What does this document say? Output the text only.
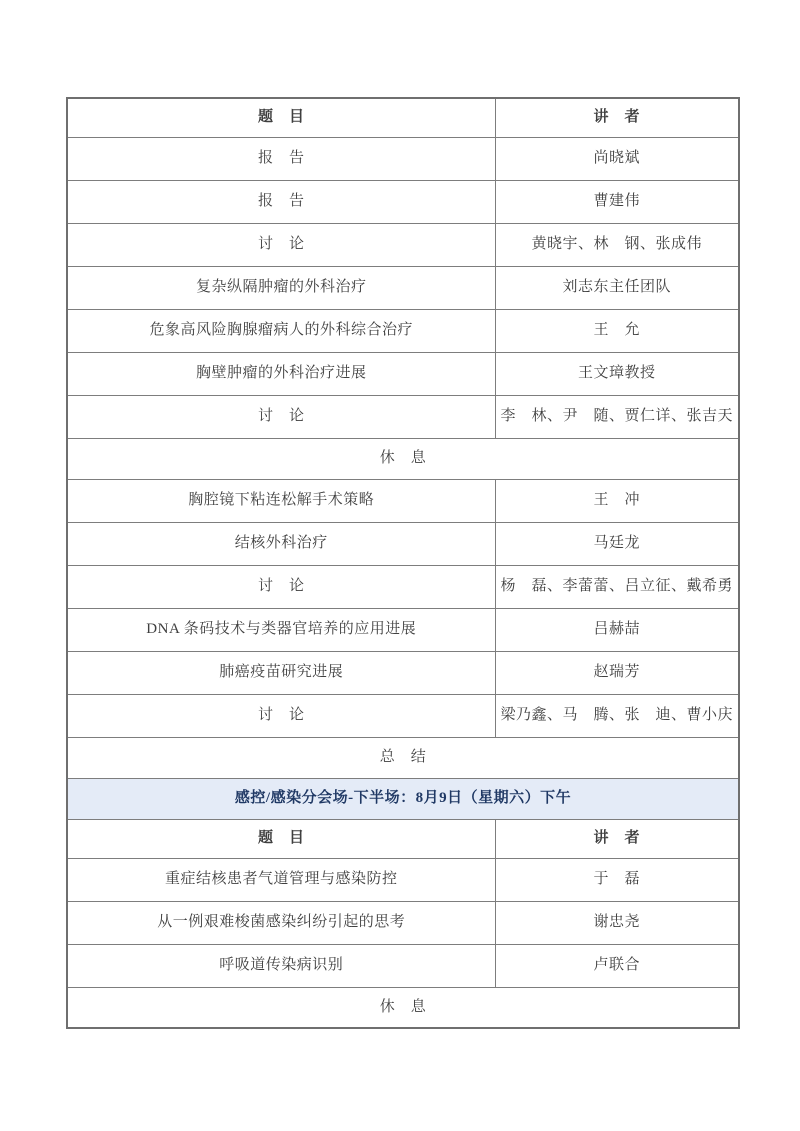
题　目	讲　者
报　告	尚晓斌
报　告	曹建伟
讨　论	黄晓宇、林　钢、张成伟
复杂纵隔肿瘤的外科治疗	刘志东主任团队
危象高风险胸腺瘤病人的外科综合治疗	王　允
胸壁肿瘤的外科治疗进展	王文璋教授
讨　论	李　林、尹　随、贾仁详、张吉天
休　息	
胸腔镜下粘连松解手术策略	王　冲
结核外科治疗	马廷龙
讨　论	杨　磊、李蕾蕾、吕立征、戴希勇
DNA 条码技术与类器官培养的应用进展	吕赫喆
肺癌疫苗研究进展	赵瑞芳
讨　论	梁乃鑫、马　腾、张　迪、曹小庆
总　结	
感控/感染分会场-下半场：8月9日（星期六）下午	
题　目	讲　者
重症结核患者气道管理与感染防控	于　磊
从一例艰难梭菌感染纠纷引起的思考	谢忠尧
呼吸道传染病识别	卢联合
休　息	
